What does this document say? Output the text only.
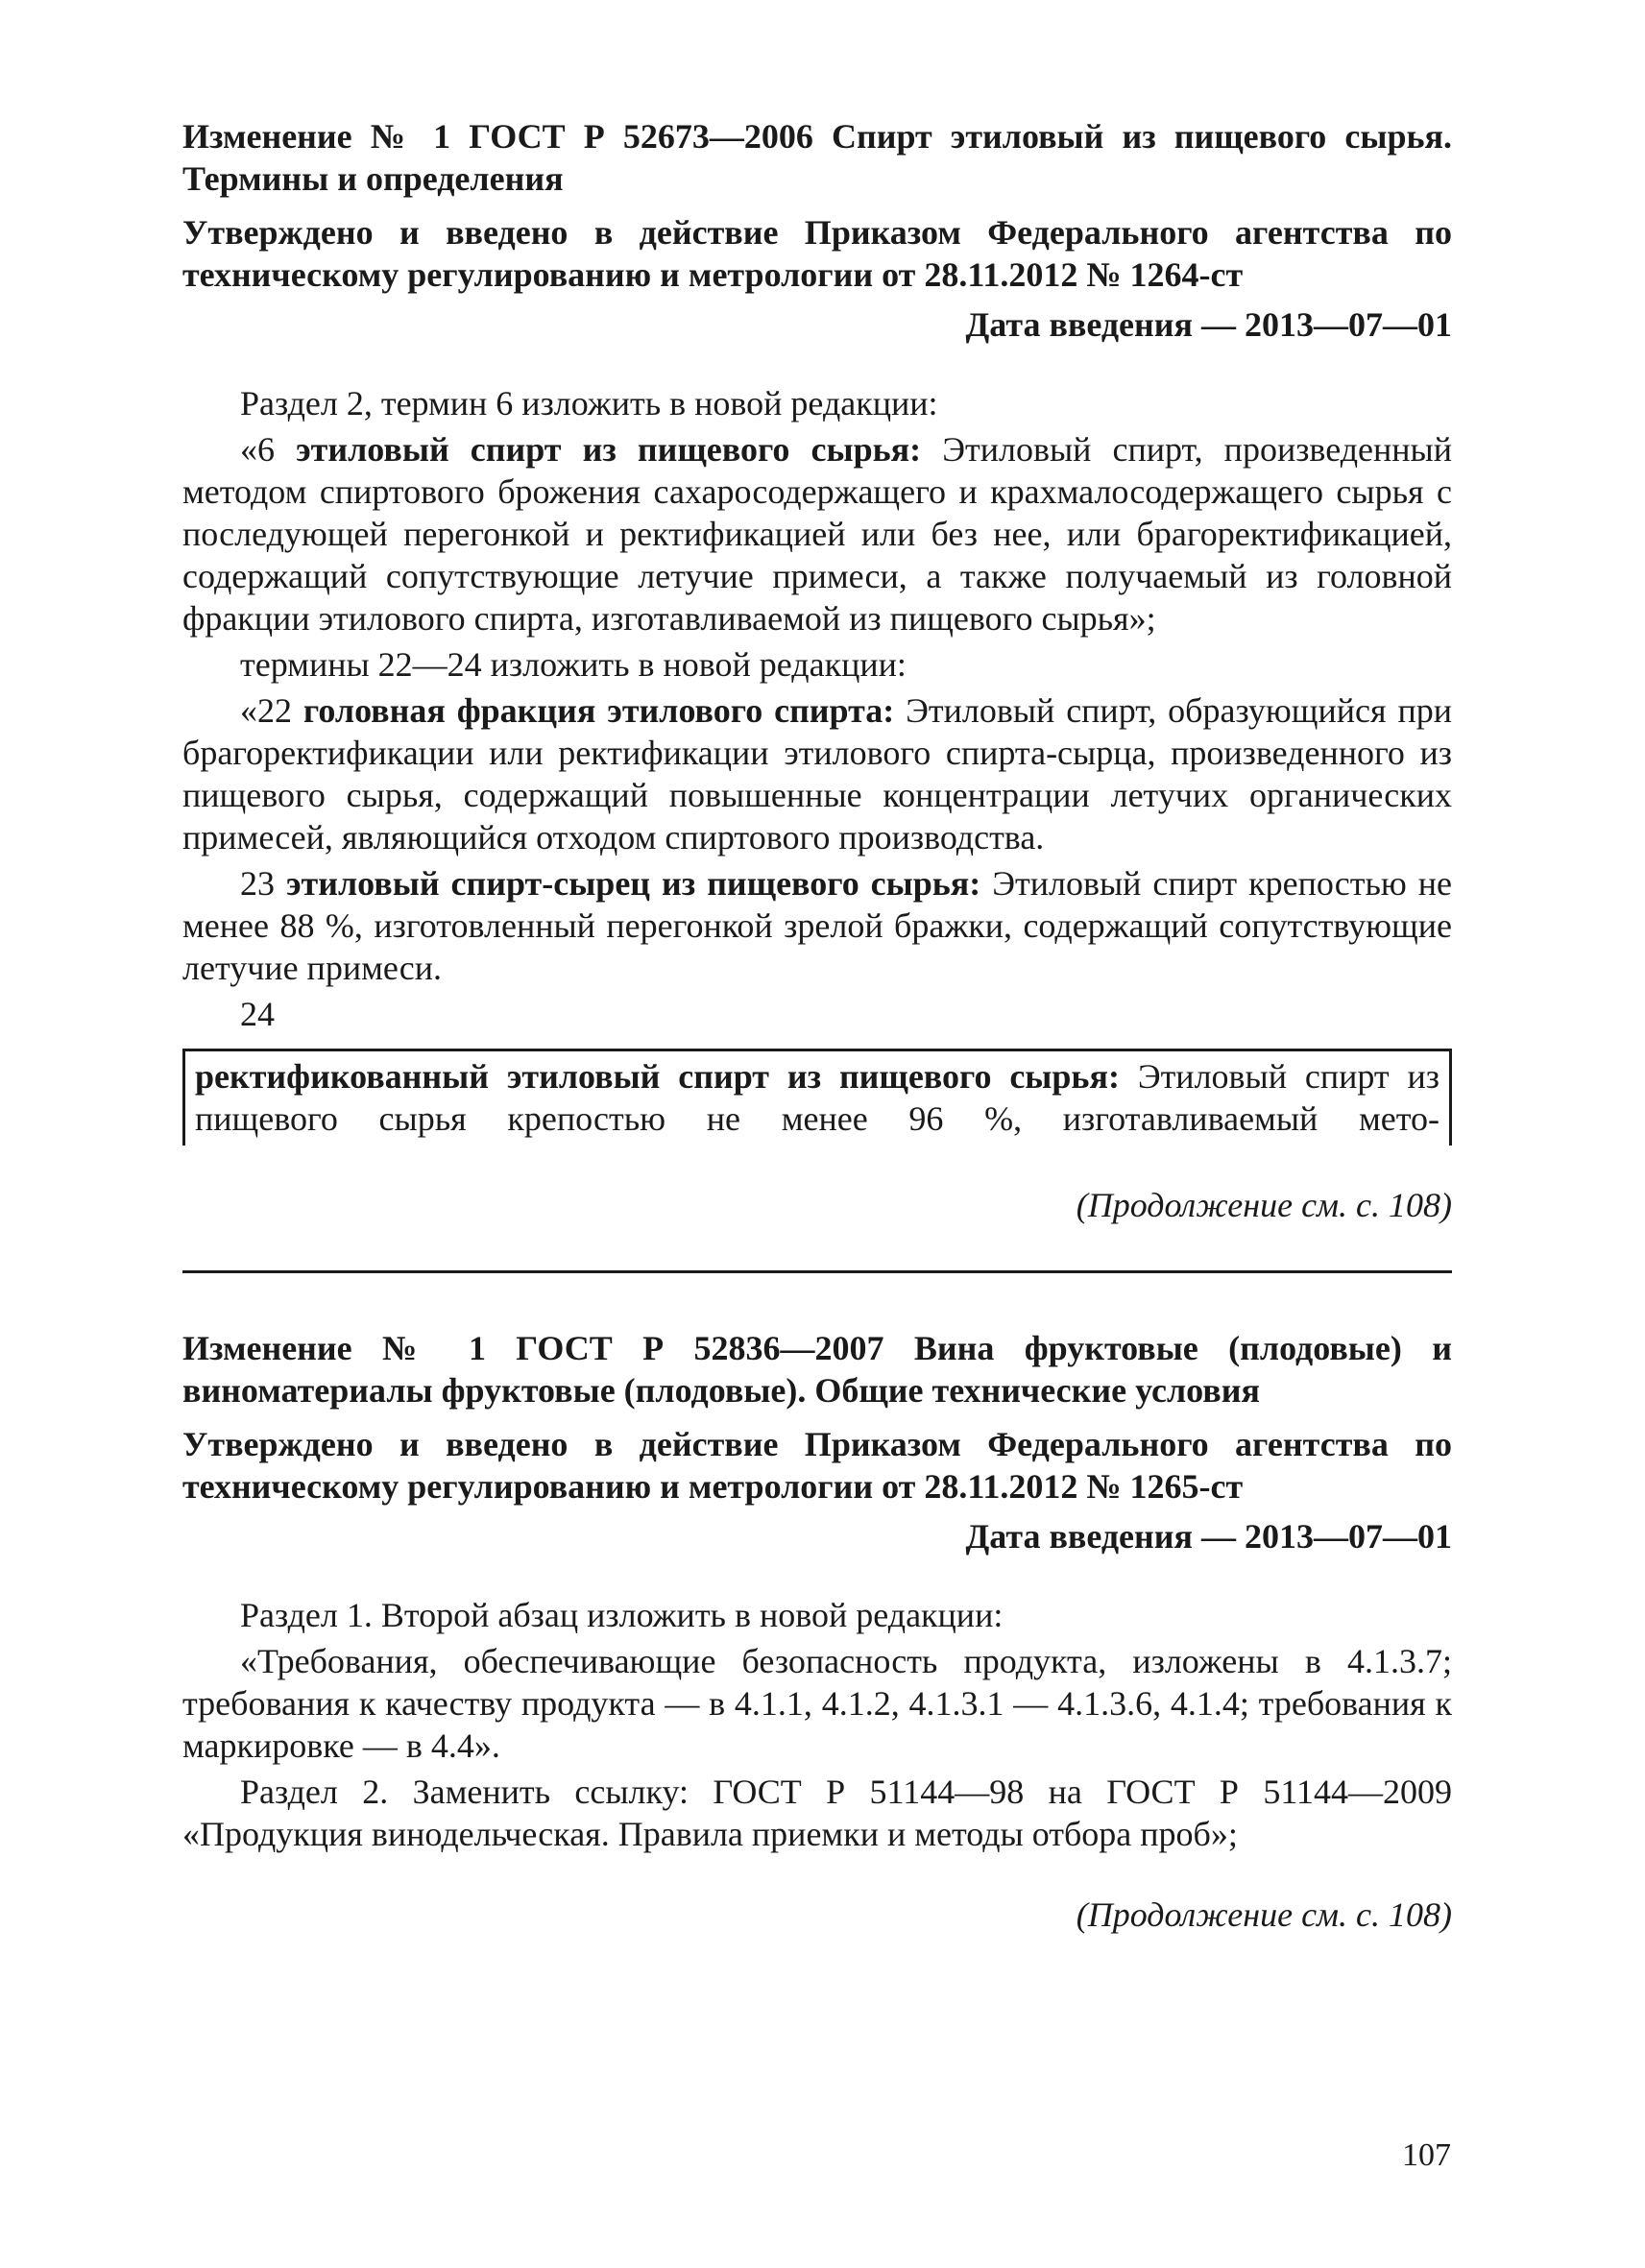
Изменение № 1 ГОСТ Р 52673—2006 Спирт этиловый из пищевого сырья. Термины и определения

Утверждено и введено в действие Приказом Федерального агентства по техническому регулированию и метрологии от 28.11.2012 № 1264-ст

Дата введения — 2013—07—01

Раздел 2, термин 6 изложить в новой редакции:

«6 этиловый спирт из пищевого сырья: Этиловый спирт, произведенный методом спиртового брожения сахаросодержащего и крахмалосодержащего сырья с последующей перегонкой и ректификацией или без нее, или брагоректификацией, содержащий сопутствующие летучие примеси, а также получаемый из головной фракции этилового спирта, изготавливаемой из пищевого сырья»;

термины 22—24 изложить в новой редакции:

«22 головная фракция этилового спирта: Этиловый спирт, образующийся при брагоректификации или ректификации этилового спирта-сырца, произведенного из пищевого сырья, содержащий повышенные концентрации летучих органических примесей, являющийся отходом спиртового производства.

23 этиловый спирт-сырец из пищевого сырья: Этиловый спирт крепостью не менее 88 %, изготовленный перегонкой зрелой бражки, содержащий сопутствующие летучие примеси.

24

ректификованный этиловый спирт из пищевого сырья: Этиловый спирт из пищевого сырья крепостью не менее 96 %, изготавливаемый мето-

(Продолжение см. с. 108)

Изменение № 1 ГОСТ Р 52836—2007 Вина фруктовые (плодовые) и виноматериалы фруктовые (плодовые). Общие технические условия

Утверждено и введено в действие Приказом Федерального агентства по техническому регулированию и метрологии от 28.11.2012 № 1265-ст

Дата введения — 2013—07—01

Раздел 1. Второй абзац изложить в новой редакции:

«Требования, обеспечивающие безопасность продукта, изложены в 4.1.3.7; требования к качеству продукта — в 4.1.1, 4.1.2, 4.1.3.1 — 4.1.3.6, 4.1.4; требования к маркировке — в 4.4».

Раздел 2. Заменить ссылку: ГОСТ Р 51144—98 на ГОСТ Р 51144—2009 «Продукция винодельческая. Правила приемки и методы отбора проб»;

(Продолжение см. с. 108)

107
